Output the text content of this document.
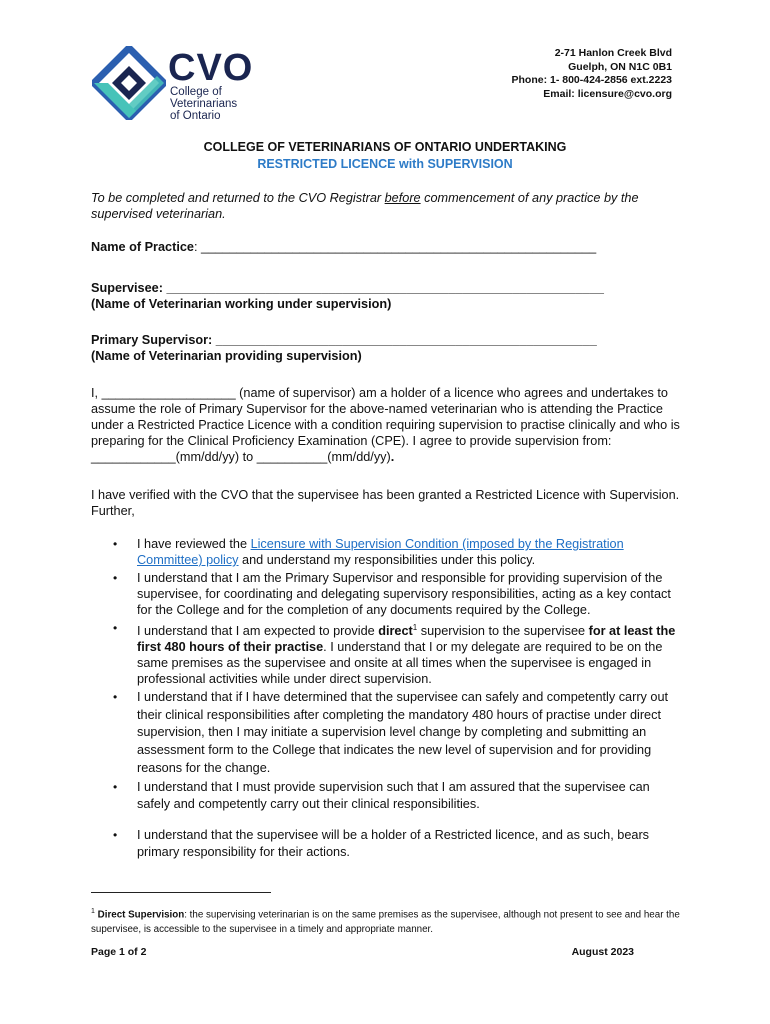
CVO
College of
Veterinarians
of Ontario
2-71 Hanlon Creek Blvd
Guelph, ON N1C 0B1
Phone: 1- 800-424-2856 ext.2223
Email: licensure@cvo.org
COLLEGE OF VETERINARIANS OF ONTARIO UNDERTAKING
RESTRICTED LICENCE with SUPERVISION
To be completed and returned to the CVO Registrar before commencement of any practice by the supervised veterinarian.
Name of Practice: ________________________________________________________
Supervisee: ______________________________________________________________
(Name of Veterinarian working under supervision)
Primary Supervisor: ______________________________________________________
(Name of Veterinarian providing supervision)
I, ___________________ (name of supervisor) am a holder of a licence who agrees and undertakes to assume the role of Primary Supervisor for the above-named veterinarian who is attending the Practice under a Restricted Practice Licence with a condition requiring supervision to practise clinically and who is preparing for the Clinical Proficiency Examination (CPE). I agree to provide supervision from: ____________(mm/dd/yy) to __________(mm/dd/yy).
I have verified with the CVO that the supervisee has been granted a Restricted Licence with Supervision. Further,
• I have reviewed the Licensure with Supervision Condition (imposed by the Registration Committee) policy and understand my responsibilities under this policy.
• I understand that I am the Primary Supervisor and responsible for providing supervision of the supervisee, for coordinating and delegating supervisory responsibilities, acting as a key contact for the College and for the completion of any documents required by the College.
• I understand that I am expected to provide direct$^1$ supervision to the supervisee for at least the first 480 hours of their practise. I understand that I or my delegate are required to be on the same premises as the supervisee and onsite at all times when the supervisee is engaged in professional activities while under direct supervision.
• I understand that if I have determined that the supervisee can safely and competently carry out their clinical responsibilities after completing the mandatory 480 hours of practise under direct supervision, then I may initiate a supervision level change by completing and submitting an assessment form to the College that indicates the new level of supervision and for providing reasons for the change.
• I understand that I must provide supervision such that I am assured that the supervisee can safely and competently carry out their clinical responsibilities.
• I understand that the supervisee will be a holder of a Restricted licence, and as such, bears primary responsibility for their actions.
$^1$ Direct Supervision: the supervising veterinarian is on the same premises as the supervisee, although not present to see and hear the supervisee, is accessible to the supervisee in a timely and appropriate manner.
Page 1 of 2	August 2023
